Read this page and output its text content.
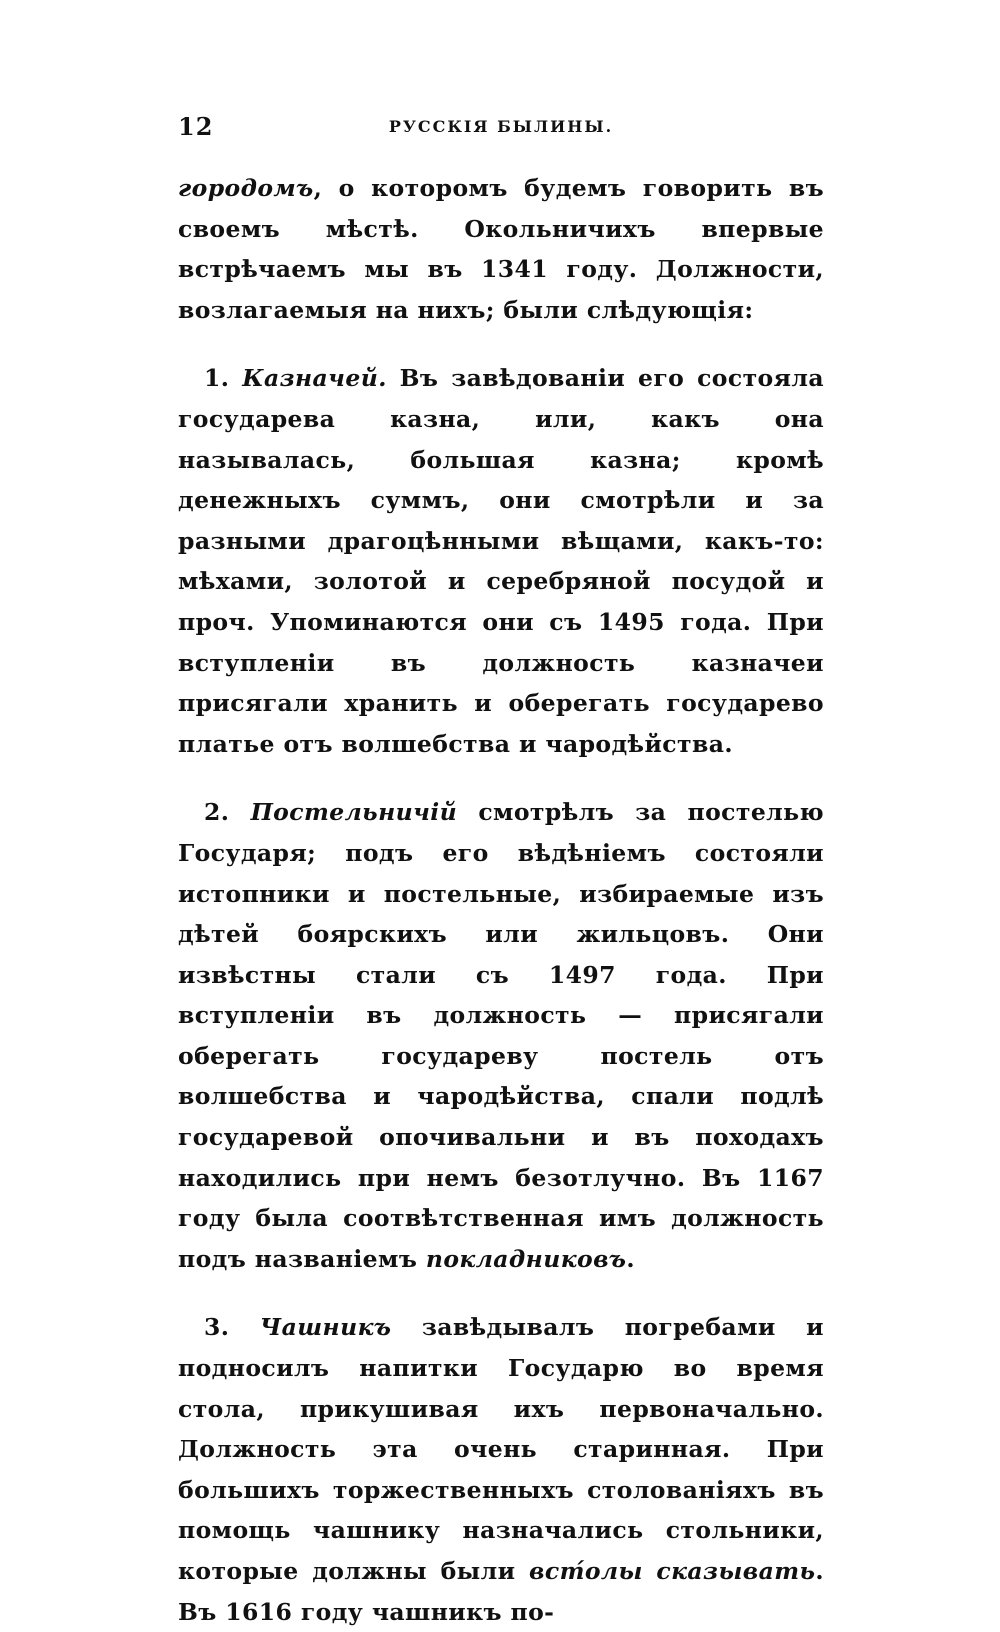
12	РУССКІЯ БЫЛИНЫ.

городомъ, о которомъ будемъ говорить въ своемъ мѣстѣ. Окольничихъ впервые встрѣчаемъ мы въ 1341 году. Должности, возлагаемыя на нихъ; были слѣдующія:

1. Казначей. Въ завѣдованіи его состояла государева казна, или, какъ она называлась, большая казна; кромѣ денежныхъ суммъ, они смотрѣли и за разными драгоцѣнными вѣщами, какъ-то: мѣхами, золотой и серебряной посудой и проч. Упоминаются они съ 1495 года. При вступленіи въ должность казначеи присягали хранить и оберегать государево платье отъ волшебства и чародѣйства.

2. Постельничій смотрѣлъ за постелью Государя; подъ его вѣдѣніемъ состояли истопники и постельные, избираемые изъ дѣтей боярскихъ или жильцовъ. Они извѣстны стали съ 1497 года. При вступленіи въ должность — присягали оберегать государеву постель отъ волшебства и чародѣйства, спали подлѣ государевой опочивальни и въ походахъ находились при немъ безотлучно. Въ 1167 году была соотвѣтственная имъ должность подъ названіемъ покладниковъ.

3. Чашникъ завѣдывалъ погребами и подносилъ напитки Государю во время стола, прикушивая ихъ первоначально. Должность эта очень старинная. При большихъ торжественныхъ столованіяхъ въ помощь чашнику назначались стольники, которые должны были вст́олы сказывать. Въ 1616 году чашникъ по-
